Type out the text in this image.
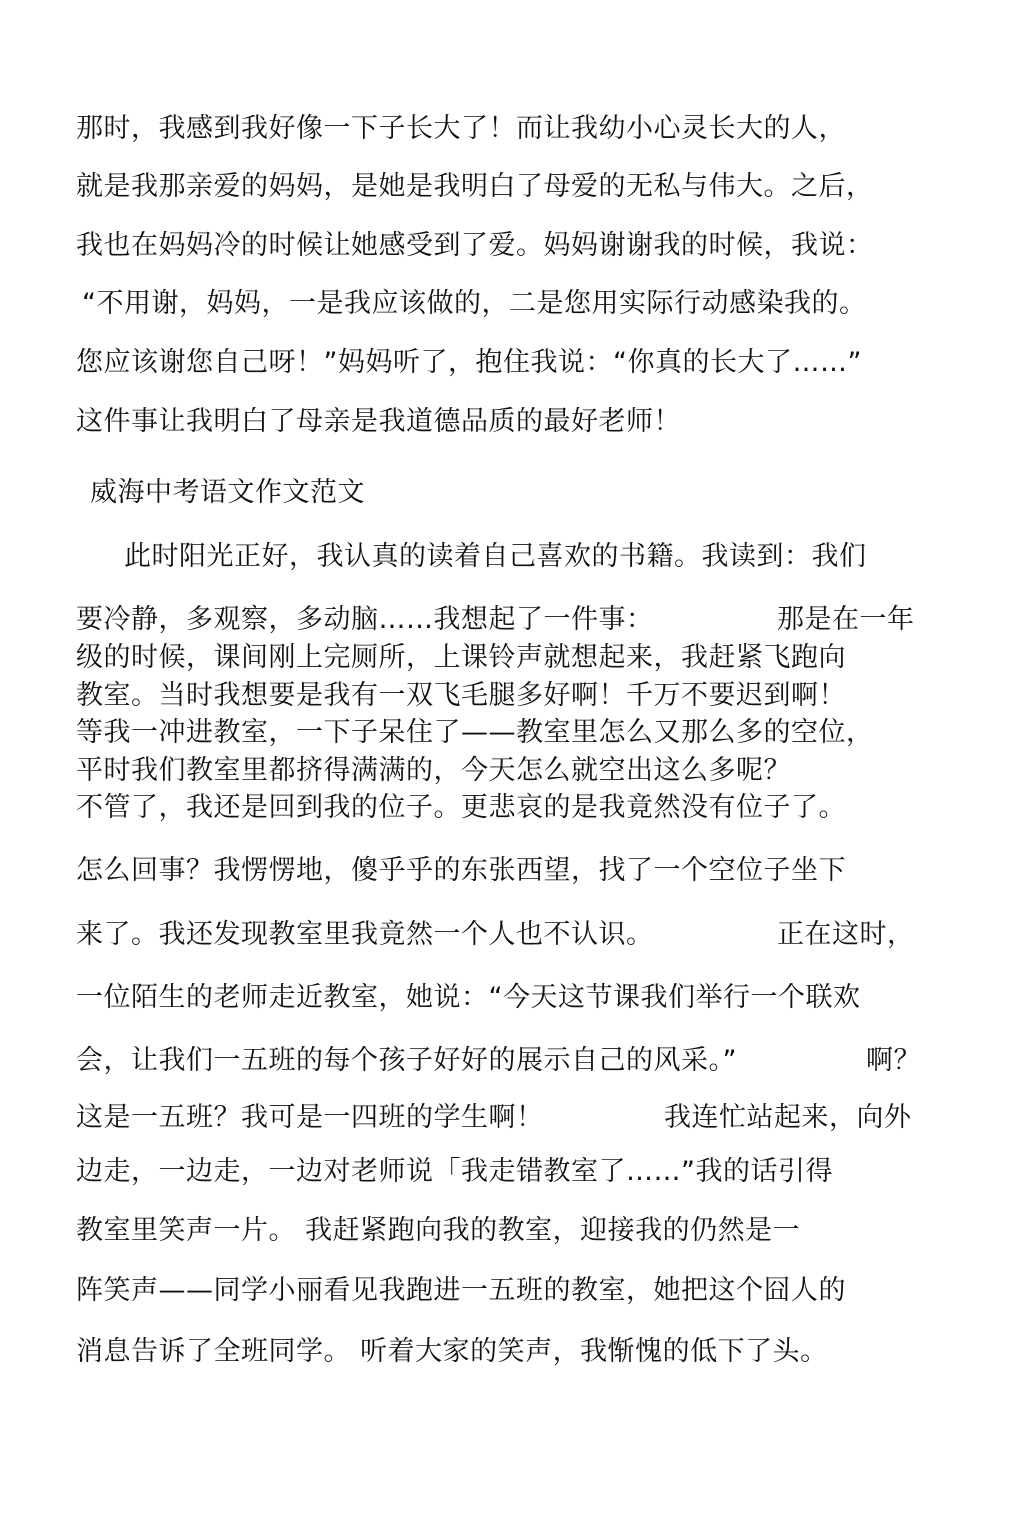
那时，我感到我好像一下子长大了！而让我幼小心灵长大的人，
就是我那亲爱的妈妈，是她是我明白了母爱的无私与伟大。之后，
我也在妈妈冷的时候让她感受到了爱。妈妈谢谢我的时候，我说：
“不用谢，妈妈，一是我应该做的，二是您用实际行动感染我的。
您应该谢您自己呀！”妈妈听了，抱住我说：“你真的长大了……”
这件事让我明白了母亲是我道德品质的最好老师！
威海中考语文作文范文
此时阳光正好，我认真的读着自己喜欢的书籍。我读到：我们
要冷静，多观察，多动脑……我想起了一件事：	那是在一年
级的时候，课间刚上完厕所，上课铃声就想起来，我赶紧飞跑向
教室。当时我想要是我有一双飞毛腿多好啊！千万不要迟到啊！
等我一冲进教室，一下子呆住了——教室里怎么又那么多的空位，
平时我们教室里都挤得满满的，今天怎么就空出这么多呢？
不管了，我还是回到我的位子。更悲哀的是我竟然没有位子了。
怎么回事？我愣愣地，傻乎乎的东张西望，找了一个空位子坐下
来了。我还发现教室里我竟然一个人也不认识。	正在这时，
一位陌生的老师走近教室，她说：“今天这节课我们举行一个联欢
会，让我们一五班的每个孩子好好的展示自己的风采。”	啊？
这是一五班？我可是一四班的学生啊！	我连忙站起来，向外
边走，一边走，一边对老师说「我走错教室了……”我的话引得
教室里笑声一片。 我赶紧跑向我的教室，迎接我的仍然是一
阵笑声——同学小丽看见我跑进一五班的教室，她把这个囧人的
消息告诉了全班同学。 听着大家的笑声，我惭愧的低下了头。
